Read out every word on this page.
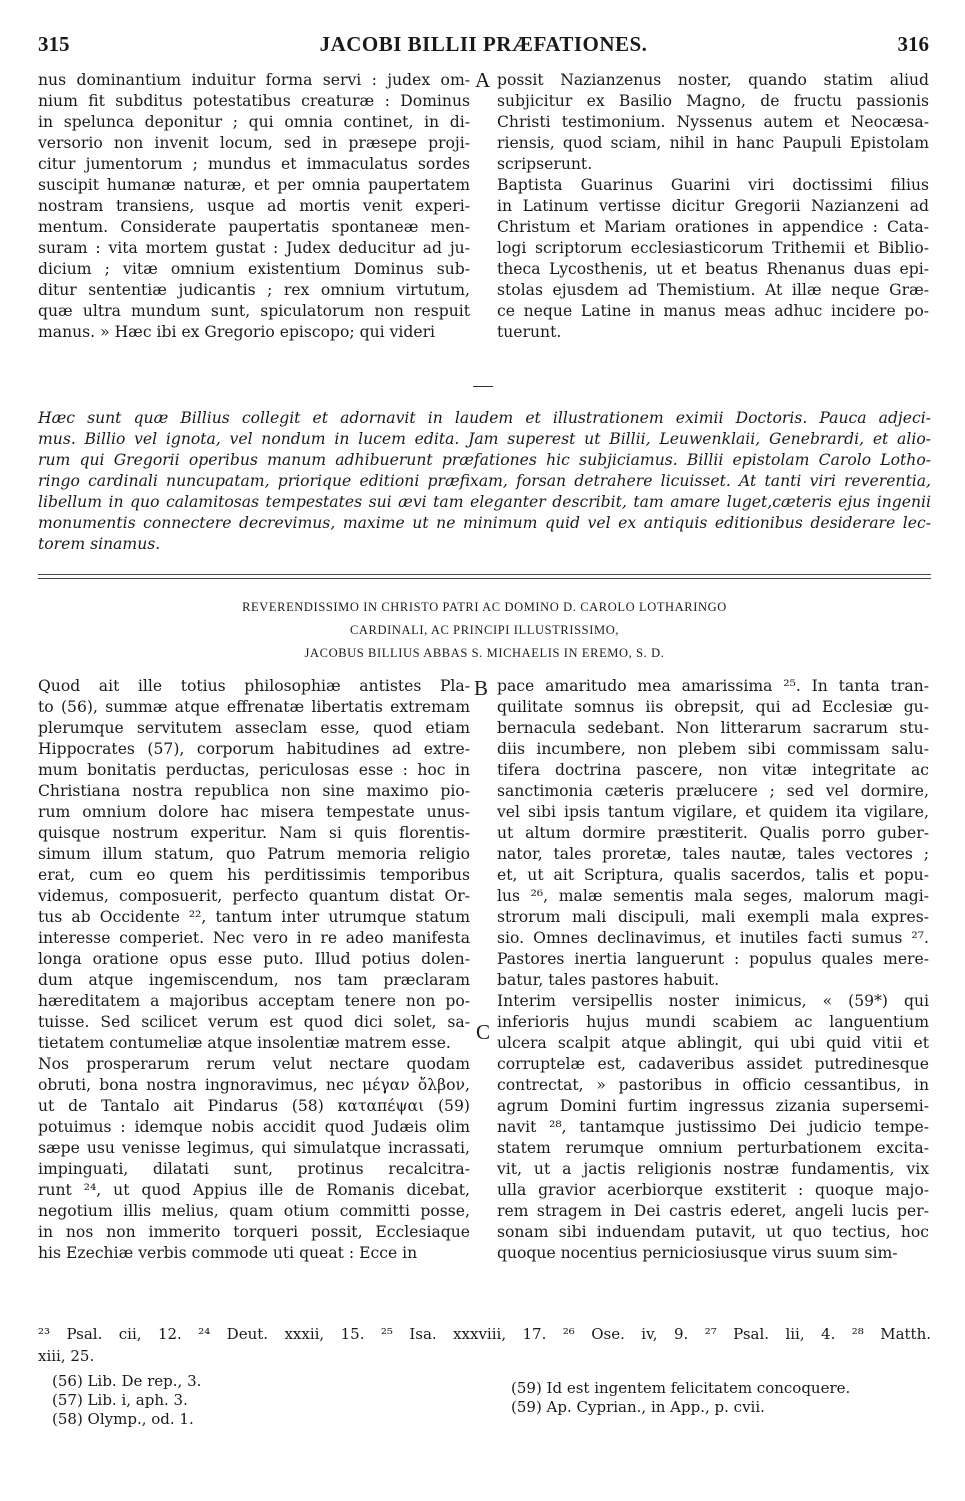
315	JACOBI BILLII PRÆFATIONES.	316
nus dominantium induitur forma servi : judex om-
nium fit subditus potestatibus creaturæ : Dominus
in spelunca deponitur ; qui omnia continet, in di-
versorio non invenit locum, sed in præsepe proji-
citur jumentorum ; mundus et immaculatus sordes
suscipit humanæ naturæ, et per omnia paupertatem
nostram transiens, usque ad mortis venit experi-
mentum. Considerate paupertatis spontaneæ men-
suram : vita mortem gustat : Judex deducitur ad ju-
dicium ; vitæ omnium existentium Dominus sub-
ditur sententiæ judicantis ; rex omnium virtutum,
quæ ultra mundum sunt, spiculatorum non respuit
manus. » Hæc ibi ex Gregorio episcopo; qui videri
possit Nazianzenus noster, quando statim aliud
subjicitur ex Basilio Magno, de fructu passionis
Christi testimonium. Nyssenus autem et Neocæsa-
riensis, quod sciam, nihil in hanc Paupuli Epistolam
scripserunt.
Baptista Guarinus Guarini viri doctissimi filius
in Latinum vertisse dicitur Gregorii Nazianzeni ad
Christum et Mariam orationes in appendice : Cata-
logi scriptorum ecclesiasticorum Trithemii et Biblio-
theca Lycosthenis, ut et beatus Rhenanus duas epi-
stolas ejusdem ad Themistium. At illæ neque Græ-
ce neque Latine in manus meas adhuc incidere po-
tuerunt.
A
Hæc sunt quæ Billius collegit et adornavit in laudem et illustrationem eximii Doctoris. Pauca adjeci-
mus. Billio vel ignota, vel nondum in lucem edita. Jam superest ut Billii, Leuwenklaii, Genebrardi, et alio-
rum qui Gregorii operibus manum adhibuerunt præfationes hic subjiciamus. Billii epistolam Carolo Lotho-
ringo cardinali nuncupatam, priorique editioni præfixam, forsan detrahere licuisset. At tanti viri reverentia,
libellum in quo calamitosas tempestates sui ævi tam eleganter describit, tam amare luget,cæteris ejus ingenii
monumentis connectere decrevimus, maxime ut ne minimum quid vel ex antiquis editionibus desiderare lec-
torem sinamus.
REVERENDISSIMO IN CHRISTO PATRI AC DOMINO D. CAROLO LOTHARINGO
CARDINALI, AC PRINCIPI ILLUSTRISSIMO,
JACOBUS BILLIUS ABBAS S. MICHAELIS IN EREMO, S. D.
Quod ait ille totius philosophiæ antistes Pla-
to (56), summæ atque effrenatæ libertatis extremam
plerumque servitutem asseclam esse, quod etiam
Hippocrates (57), corporum habitudines ad extre-
mum bonitatis perductas, periculosas esse : hoc in
Christiana nostra republica non sine maximo pio-
rum omnium dolore hac misera tempestate unus-
quisque nostrum experitur. Nam si quis florentis-
simum illum statum, quo Patrum memoria religio
erat, cum eo quem his perditissimis temporibus
videmus, composuerit, perfecto quantum distat Or-
tus ab Occidente ²², tantum inter utrumque statum
interesse comperiet. Nec vero in re adeo manifesta
longa oratione opus esse puto. Illud potius dolen-
dum atque ingemiscendum, nos tam præclaram
hæreditatem a majoribus acceptam tenere non po-
tuisse. Sed scilicet verum est quod dici solet, sa-
tietatem contumeliæ atque insolentiæ matrem esse.
Nos prosperarum rerum velut nectare quodam
obruti, bona nostra ingnoravimus, nec μέγαν ὄλβον,
ut de Tantalo ait Pindarus (58) καταπέψαι (59)
potuimus : idemque nobis accidit quod Judæis olim
sæpe usu venisse legimus, qui simulatque incrassati,
impinguati, dilatati sunt, protinus recalcitra-
runt ²⁴, ut quod Appius ille de Romanis dicebat,
negotium illis melius, quam otium committi posse,
in nos non immerito torqueri possit, Ecclesiaque
his Ezechiæ verbis commode uti queat : Ecce in
pace amaritudo mea amarissima ²⁵. In tanta tran-
quilitate somnus iis obrepsit, qui ad Ecclesiæ gu-
bernacula sedebant. Non litterarum sacrarum stu-
diis incumbere, non plebem sibi commissam salu-
tifera doctrina pascere, non vitæ integritate ac
sanctimonia cæteris prælucere ; sed vel dormire,
vel sibi ipsis tantum vigilare, et quidem ita vigilare,
ut altum dormire præstiterit. Qualis porro guber-
nator, tales proretæ, tales nautæ, tales vectores ;
et, ut ait Scriptura, qualis sacerdos, talis et popu-
lus ²⁶, malæ sementis mala seges, malorum magi-
strorum mali discipuli, mali exempli mala expres-
sio. Omnes declinavimus, et inutiles facti sumus ²⁷.
Pastores inertia languerunt : populus quales mere-
batur, tales pastores habuit.
Interim versipellis noster inimicus, « (59*) qui
inferioris hujus mundi scabiem ac languentium
ulcera scalpit atque ablingit, qui ubi quid vitii et
corruptelæ est, cadaveribus assidet putredinesque
contrectat, » pastoribus in officio cessantibus, in
agrum Domini furtim ingressus zizania supersemi-
navit ²⁸, tantamque justissimo Dei judicio tempe-
statem rerumque omnium perturbationem excita-
vit, ut a jactis religionis nostræ fundamentis, vix
ulla gravior acerbiorque exstiterit : quoque majo-
rem stragem in Dei castris ederet, angeli lucis per-
sonam sibi induendam putavit, ut quo tectius, hoc
quoque nocentius perniciosiusque virus suum sim-
B
C
²³ Psal. cii, 12. ²⁴ Deut. xxxii, 15. ²⁵ Isa. xxxviii, 17. ²⁶ Ose. iv, 9. ²⁷ Psal. lii, 4. ²⁸ Matth.
xiii, 25.
(56) Lib. De rep., 3.
(57) Lib. i, aph. 3.
(58) Olymp., od. 1.
(59) Id est ingentem felicitatem concoquere.
(59) Ap. Cyprian., in App., p. cvii.
